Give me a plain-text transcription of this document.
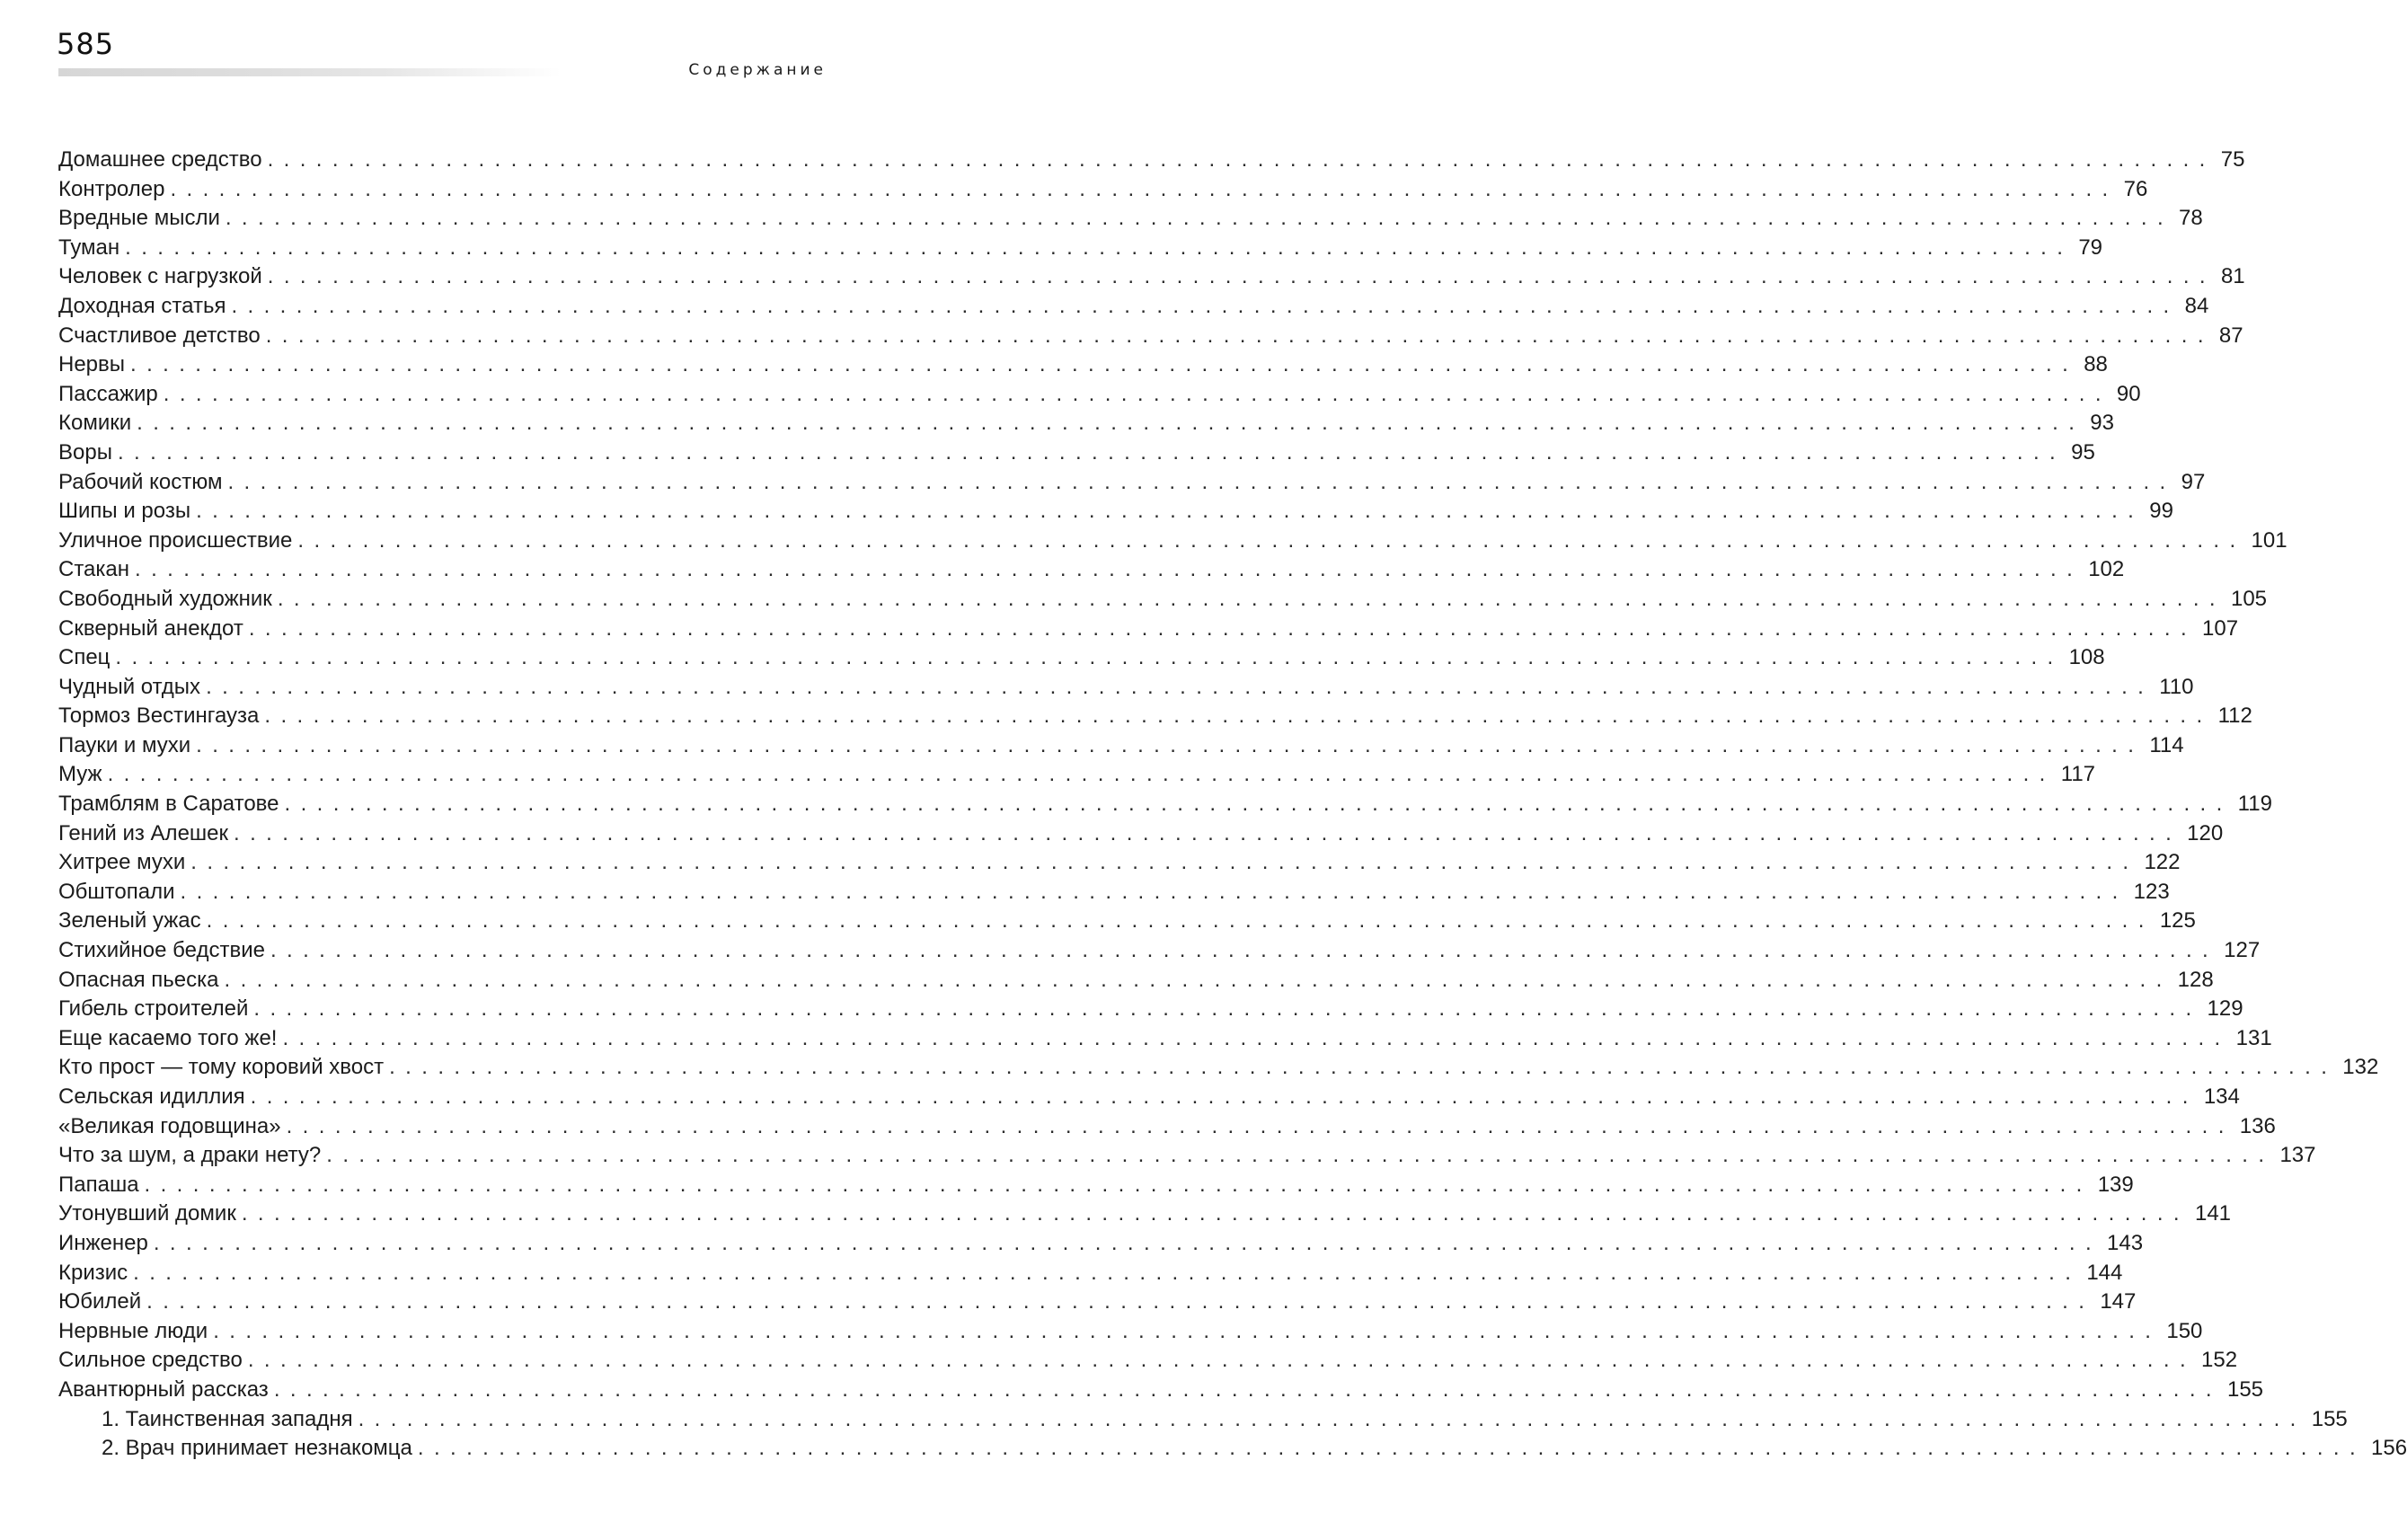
585
Содержание
Домашнее средство ........................................................................................................................ 75
Контролер ........................................................................................................................ 76
Вредные мысли ........................................................................................................................ 78
Туман ........................................................................................................................ 79
Человек с нагрузкой ........................................................................................................................ 81
Доходная статья ........................................................................................................................ 84
Счастливое детство ........................................................................................................................ 87
Нервы ........................................................................................................................ 88
Пассажир ........................................................................................................................ 90
Комики ........................................................................................................................ 93
Воры ........................................................................................................................ 95
Рабочий костюм ........................................................................................................................ 97
Шипы и розы ........................................................................................................................ 99
Уличное происшествие ........................................................................................................................ 101
Стакан ........................................................................................................................ 102
Свободный художник ........................................................................................................................ 105
Скверный анекдот ........................................................................................................................ 107
Спец ........................................................................................................................ 108
Чудный отдых ........................................................................................................................ 110
Тормоз Вестингауза ........................................................................................................................ 112
Пауки и мухи ........................................................................................................................ 114
Муж ........................................................................................................................ 117
Трамблям в Саратове ........................................................................................................................ 119
Гений из Алешек ........................................................................................................................ 120
Хитрее мухи ........................................................................................................................ 122
Обштопали ........................................................................................................................ 123
Зеленый ужас ........................................................................................................................ 125
Стихийное бедствие ........................................................................................................................ 127
Опасная пьеска ........................................................................................................................ 128
Гибель строителей ........................................................................................................................ 129
Еще касаемо того же! ........................................................................................................................ 131
Кто прост — тому коровий хвост ........................................................................................................................ 132
Сельская идиллия ........................................................................................................................ 134
«Великая годовщина» ........................................................................................................................ 136
Что за шум, а драки нету? ........................................................................................................................ 137
Папаша ........................................................................................................................ 139
Утонувший домик ........................................................................................................................ 141
Инженер ........................................................................................................................ 143
Кризис ........................................................................................................................ 144
Юбилей ........................................................................................................................ 147
Нервные люди ........................................................................................................................ 150
Сильное средство ........................................................................................................................ 152
Авантюрный рассказ ........................................................................................................................ 155
1. Таинственная западня ........................................................................................................................ 155
2. Врач принимает незнакомца ........................................................................................................................ 156
